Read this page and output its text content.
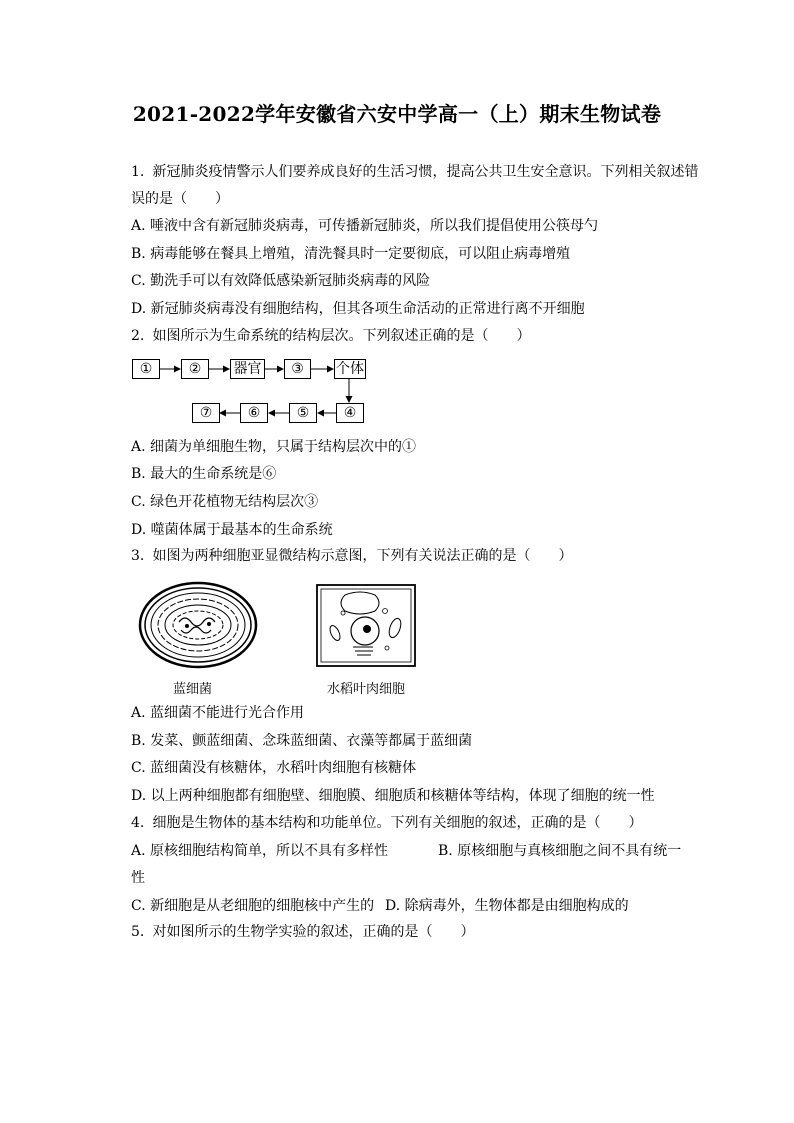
2021-2022学年安徽省六安中学高一（上）期末生物试卷
1. 新冠肺炎疫情警示人们要养成良好的生活习惯，提高公共卫生安全意识。下列相关叙述错
误的是（　　）
A. 唾液中含有新冠肺炎病毒，可传播新冠肺炎，所以我们提倡使用公筷母勺
B. 病毒能够在餐具上增殖，清洗餐具时一定要彻底，可以阻止病毒增殖
C. 勤洗手可以有效降低感染新冠肺炎病毒的风险
D. 新冠肺炎病毒没有细胞结构，但其各项生命活动的正常进行离不开细胞
2. 如图所示为生命系统的结构层次。下列叙述正确的是（　　）
①	②	器官	③	个体
④
⑤
⑥
⑦
A. 细菌为单细胞生物，只属于结构层次中的①
B. 最大的生命系统是⑥
C. 绿色开花植物无结构层次③
D. 噬菌体属于最基本的生命系统
3. 如图为两种细胞亚显微结构示意图，下列有关说法正确的是（　　）
蓝细菌	水稻叶肉细胞
A. 蓝细菌不能进行光合作用
B. 发菜、颤蓝细菌、念珠蓝细菌、衣藻等都属于蓝细菌
C. 蓝细菌没有核糖体，水稻叶肉细胞有核糖体
D. 以上两种细胞都有细胞壁、细胞膜、细胞质和核糖体等结构，体现了细胞的统一性
4. 细胞是生物体的基本结构和功能单位。下列有关细胞的叙述，正确的是（　　）
A. 原核细胞结构简单，所以不具有多样性	B. 原核细胞与真核细胞之间不具有统一
性
C. 新细胞是从老细胞的细胞核中产生的 D. 除病毒外，生物体都是由细胞构成的
5. 对如图所示的生物学实验的叙述，正确的是（　　）
